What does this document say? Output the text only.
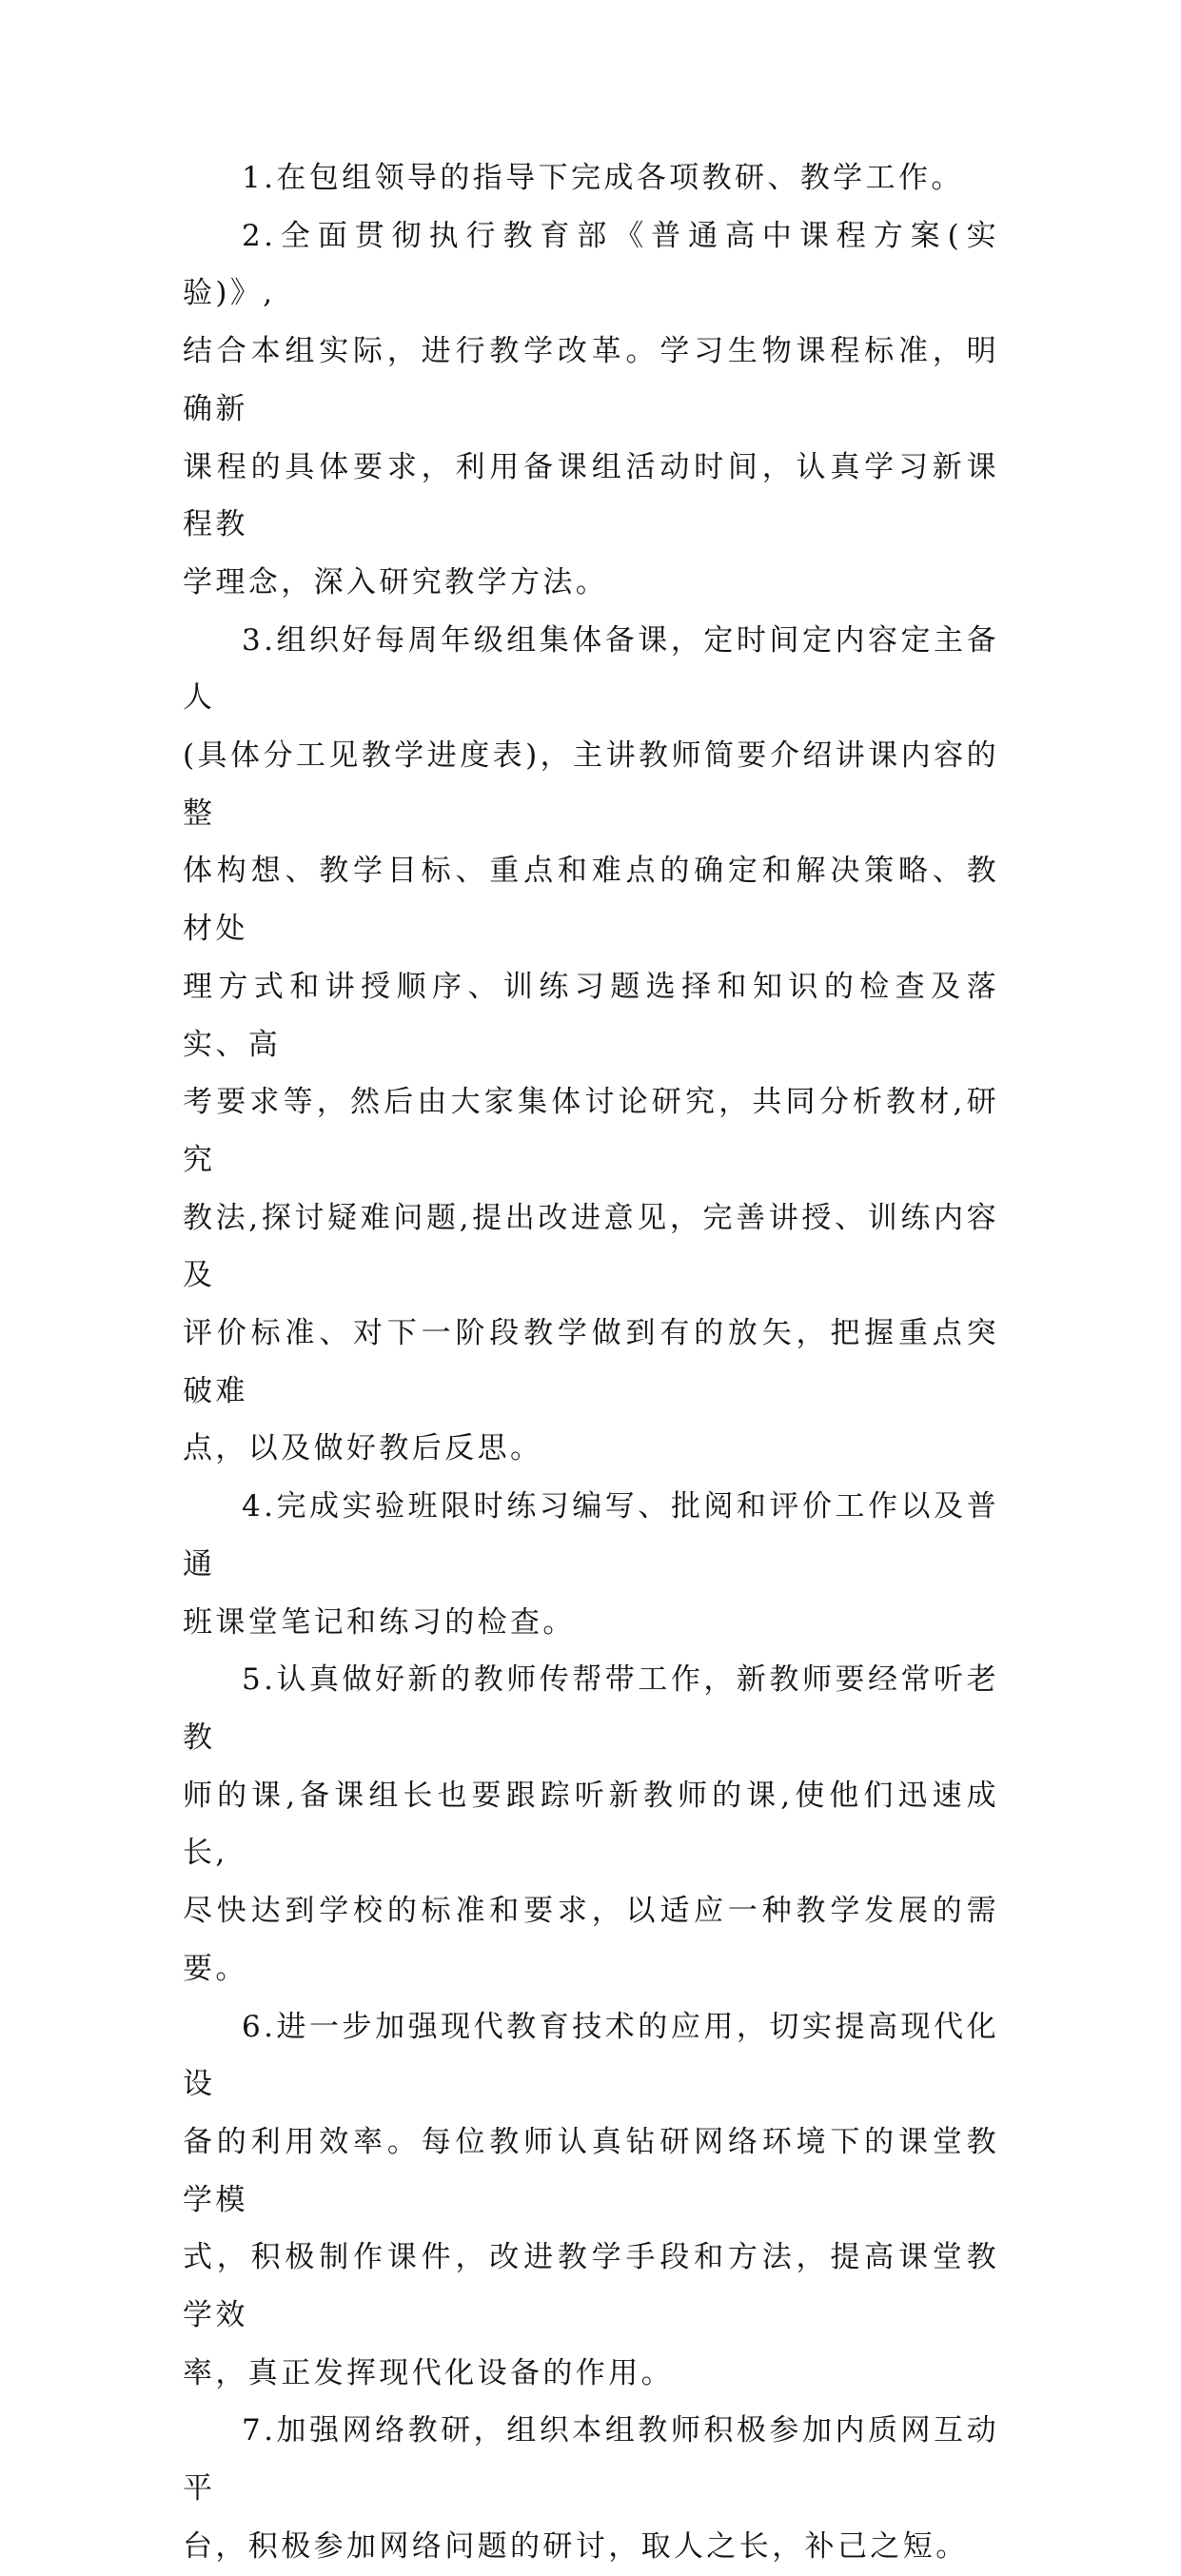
1.在包组领导的指导下完成各项教研、教学工作。

2.全面贯彻执行教育部《普通高中课程方案(实验)》,
结合本组实际，进行教学改革。学习生物课程标准，明确新
课程的具体要求，利用备课组活动时间，认真学习新课程教
学理念，深入研究教学方法。

3.组织好每周年级组集体备课，定时间定内容定主备人
(具体分工见教学进度表)，主讲教师简要介绍讲课内容的整
体构想、教学目标、重点和难点的确定和解决策略、教材处
理方式和讲授顺序、训练习题选择和知识的检查及落实、高
考要求等，然后由大家集体讨论研究，共同分析教材,研究
教法,探讨疑难问题,提出改进意见，完善讲授、训练内容及
评价标准、对下一阶段教学做到有的放矢，把握重点突破难
点，以及做好教后反思。

4.完成实验班限时练习编写、批阅和评价工作以及普通
班课堂笔记和练习的检查。

5.认真做好新的教师传帮带工作，新教师要经常听老教
师的课,备课组长也要跟踪听新教师的课,使他们迅速成长,
尽快达到学校的标准和要求，以适应一种教学发展的需要。

6.进一步加强现代教育技术的应用，切实提高现代化设
备的利用效率。每位教师认真钻研网络环境下的课堂教学模
式，积极制作课件，改进教学手段和方法，提高课堂教学效
率，真正发挥现代化设备的作用。

7.加强网络教研，组织本组教师积极参加内质网互动平
台，积极参加网络问题的研讨，取人之长，补己之短。
